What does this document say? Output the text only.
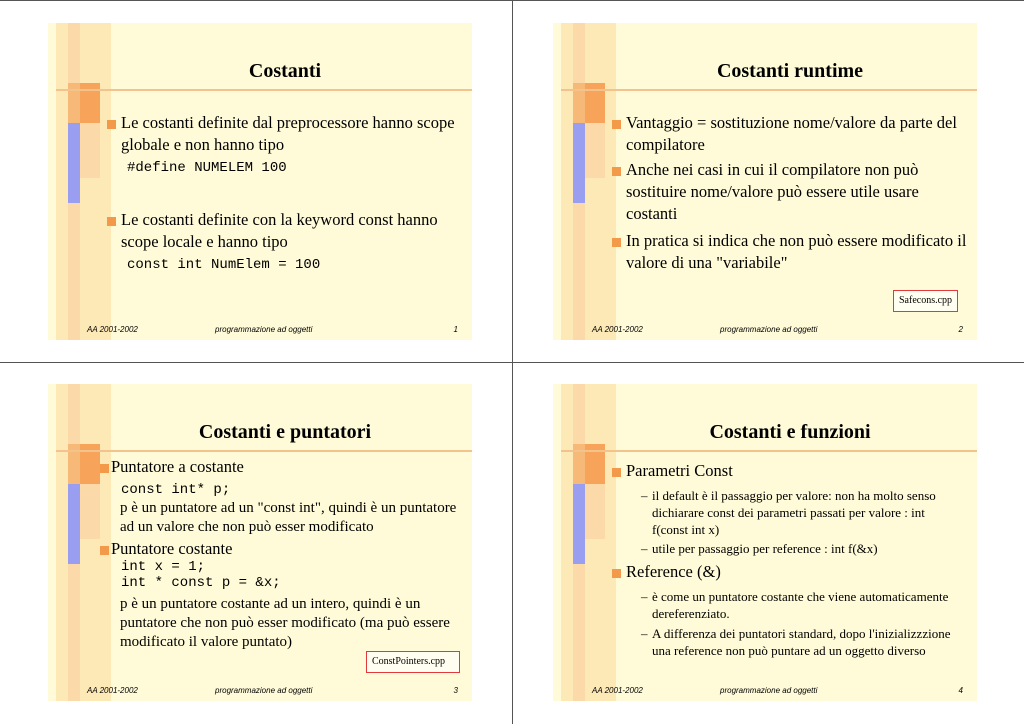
Costanti
Le costanti definite dal preprocessore hanno scope globale e non hanno tipo
#define NUMELEM 100
Le costanti definite con la keyword const hanno scope locale e hanno tipo
const int NumElem = 100
AA 2001-2002	programmazione ad oggetti	1
Costanti runtime
Vantaggio = sostituzione nome/valore da parte del compilatore
Anche nei casi in cui il compilatore non può sostituire nome/valore può essere utile usare costanti
In pratica si indica che non può essere modificato il valore di una "variabile"
Safecons.cpp
AA 2001-2002	programmazione ad oggetti	2
Costanti e puntatori
Puntatore a costante
const int* p;
p è un puntatore ad un "const int", quindi è un puntatore ad un valore che non può esser modificato
Puntatore costante
int x = 1;
int * const p = &x;
p è un puntatore costante ad un intero, quindi è un puntatore che non può esser modificato (ma può essere modificato il valore puntato)
ConstPointers.cpp
AA 2001-2002	programmazione ad oggetti	3
Costanti e funzioni
Parametri Const
– il default è il passaggio per valore: non ha molto senso dichiarare const dei parametri passati per valore : int f(const int x)
– utile per passaggio per reference : int f(&x)
Reference (&)
– è come un puntatore costante che viene automaticamente dereferenziato.
– A differenza dei puntatori standard, dopo l'inizializzzione una reference non può puntare ad un oggetto diverso
AA 2001-2002	programmazione ad oggetti	4
